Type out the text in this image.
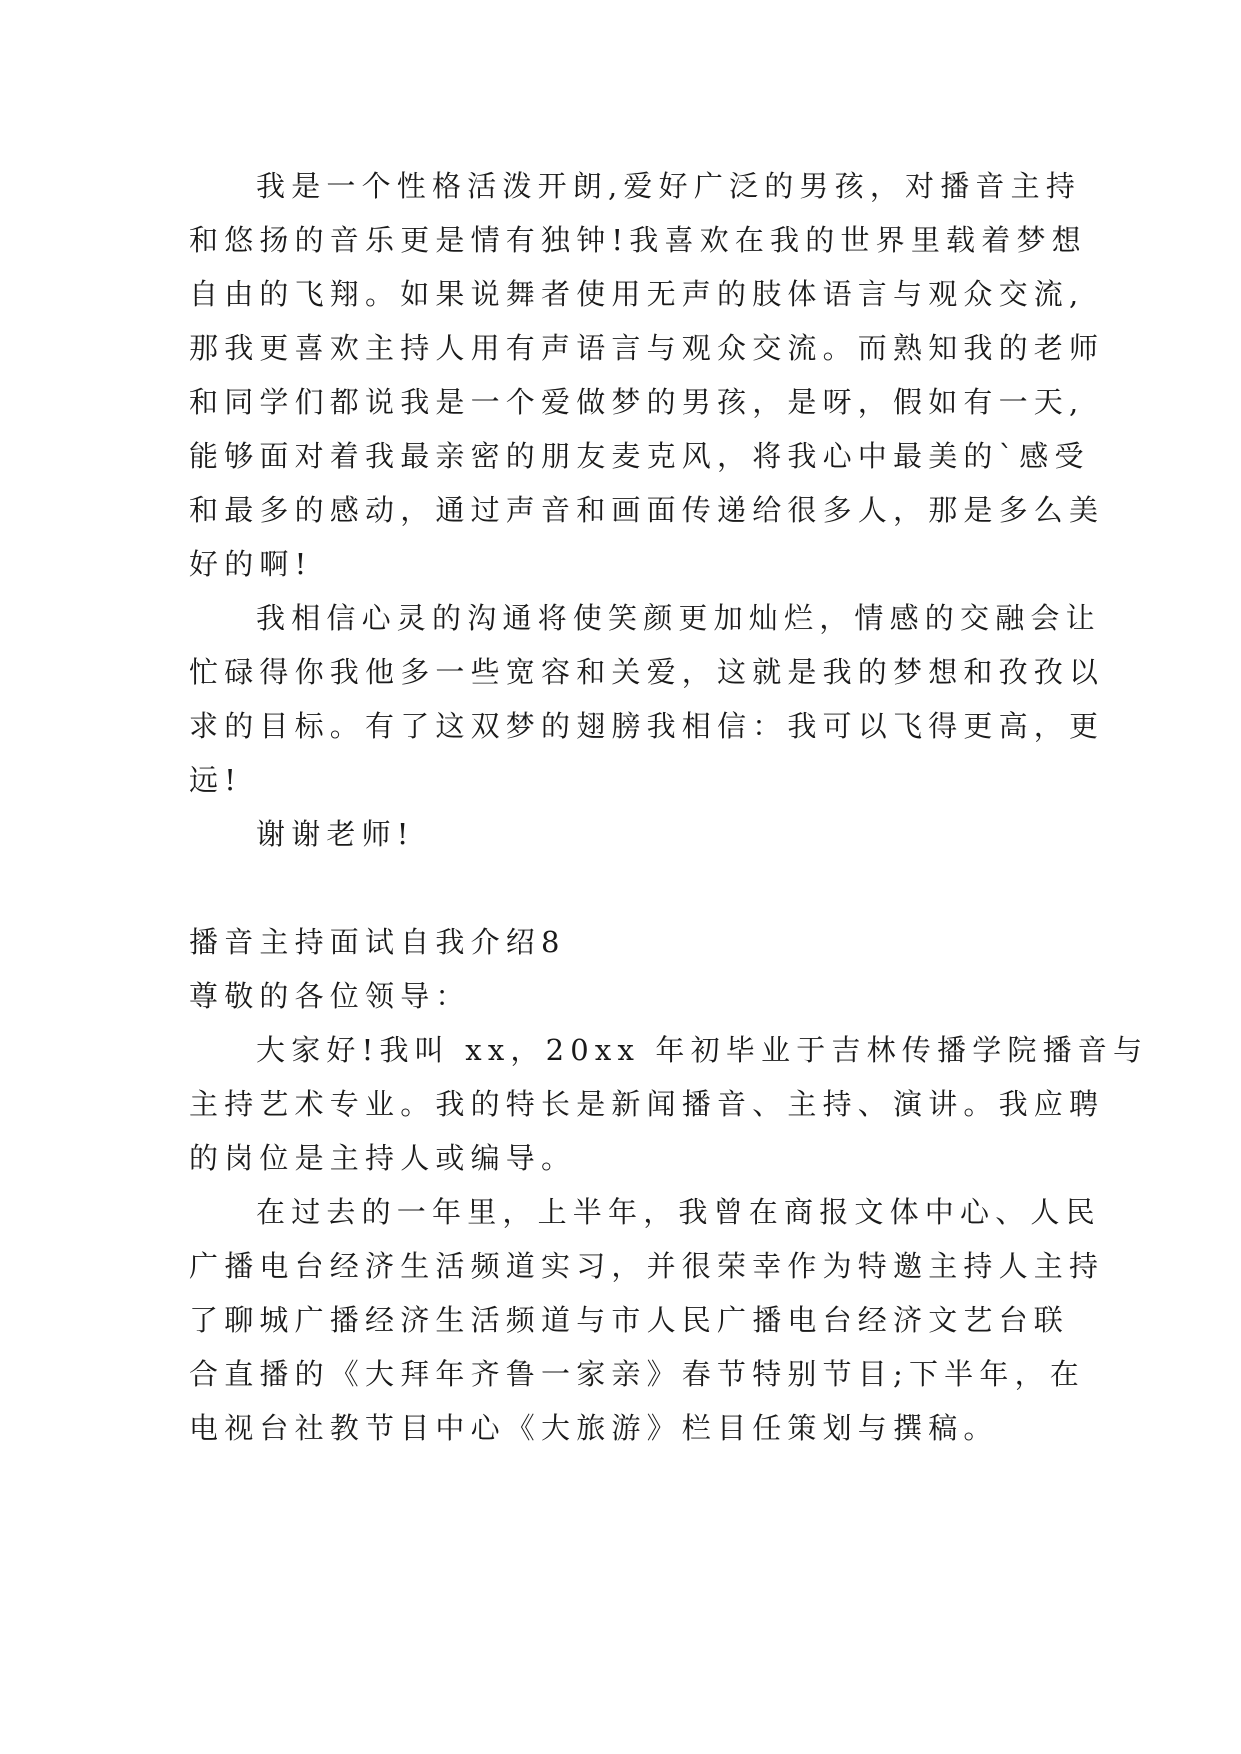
我是一个性格活泼开朗,爱好广泛的男孩，对播音主持
和悠扬的音乐更是情有独钟!我喜欢在我的世界里载着梦想
自由的飞翔。如果说舞者使用无声的肢体语言与观众交流,
那我更喜欢主持人用有声语言与观众交流。而熟知我的老师
和同学们都说我是一个爱做梦的男孩，是呀，假如有一天,
能够面对着我最亲密的朋友麦克风，将我心中最美的`感受
和最多的感动，通过声音和画面传递给很多人，那是多么美
好的啊!
我相信心灵的沟通将使笑颜更加灿烂，情感的交融会让
忙碌得你我他多一些宽容和关爱，这就是我的梦想和孜孜以
求的目标。有了这双梦的翅膀我相信：我可以飞得更高，更
远!
谢谢老师!
播音主持面试自我介绍8
尊敬的各位领导：
大家好!我叫 xx，20xx 年初毕业于吉林传播学院播音与
主持艺术专业。我的特长是新闻播音、主持、演讲。我应聘
的岗位是主持人或编导。
在过去的一年里，上半年，我曾在商报文体中心、人民
广播电台经济生活频道实习，并很荣幸作为特邀主持人主持
了聊城广播经济生活频道与市人民广播电台经济文艺台联
合直播的《大拜年齐鲁一家亲》春节特别节目;下半年，在
电视台社教节目中心《大旅游》栏目任策划与撰稿。
